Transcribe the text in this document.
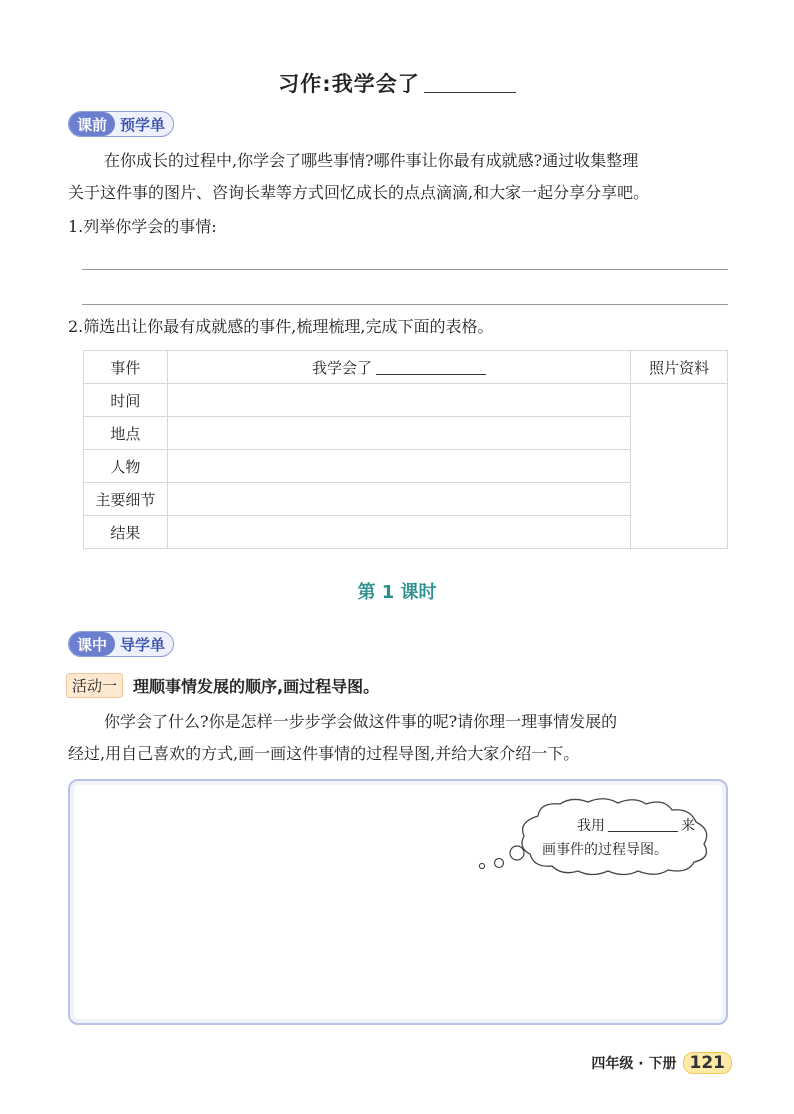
习作:我学会了
课前 预学单
在你成长的过程中,你学会了哪些事情?哪件事让你最有成就感?通过收集整理
关于这件事的图片、咨询长辈等方式回忆成长的点点滴滴,和大家一起分享分享吧。
1.列举你学会的事情:
2.筛选出让你最有成就感的事件,梳理梳理,完成下面的表格。
事件	我学会了	照片资料
时间		
地点		
人物		
主要细节		
结果		
第 1 课时
课中 导学单
活动一	理顺事情发展的顺序,画过程导图。
你学会了什么?你是怎样一步步学会做这件事的呢?请你理一理事情发展的
经过,用自己喜欢的方式,画一画这件事情的过程导图,并给大家介绍一下。
我用	来
画事件的过程导图。
四年级 · 下册 121
